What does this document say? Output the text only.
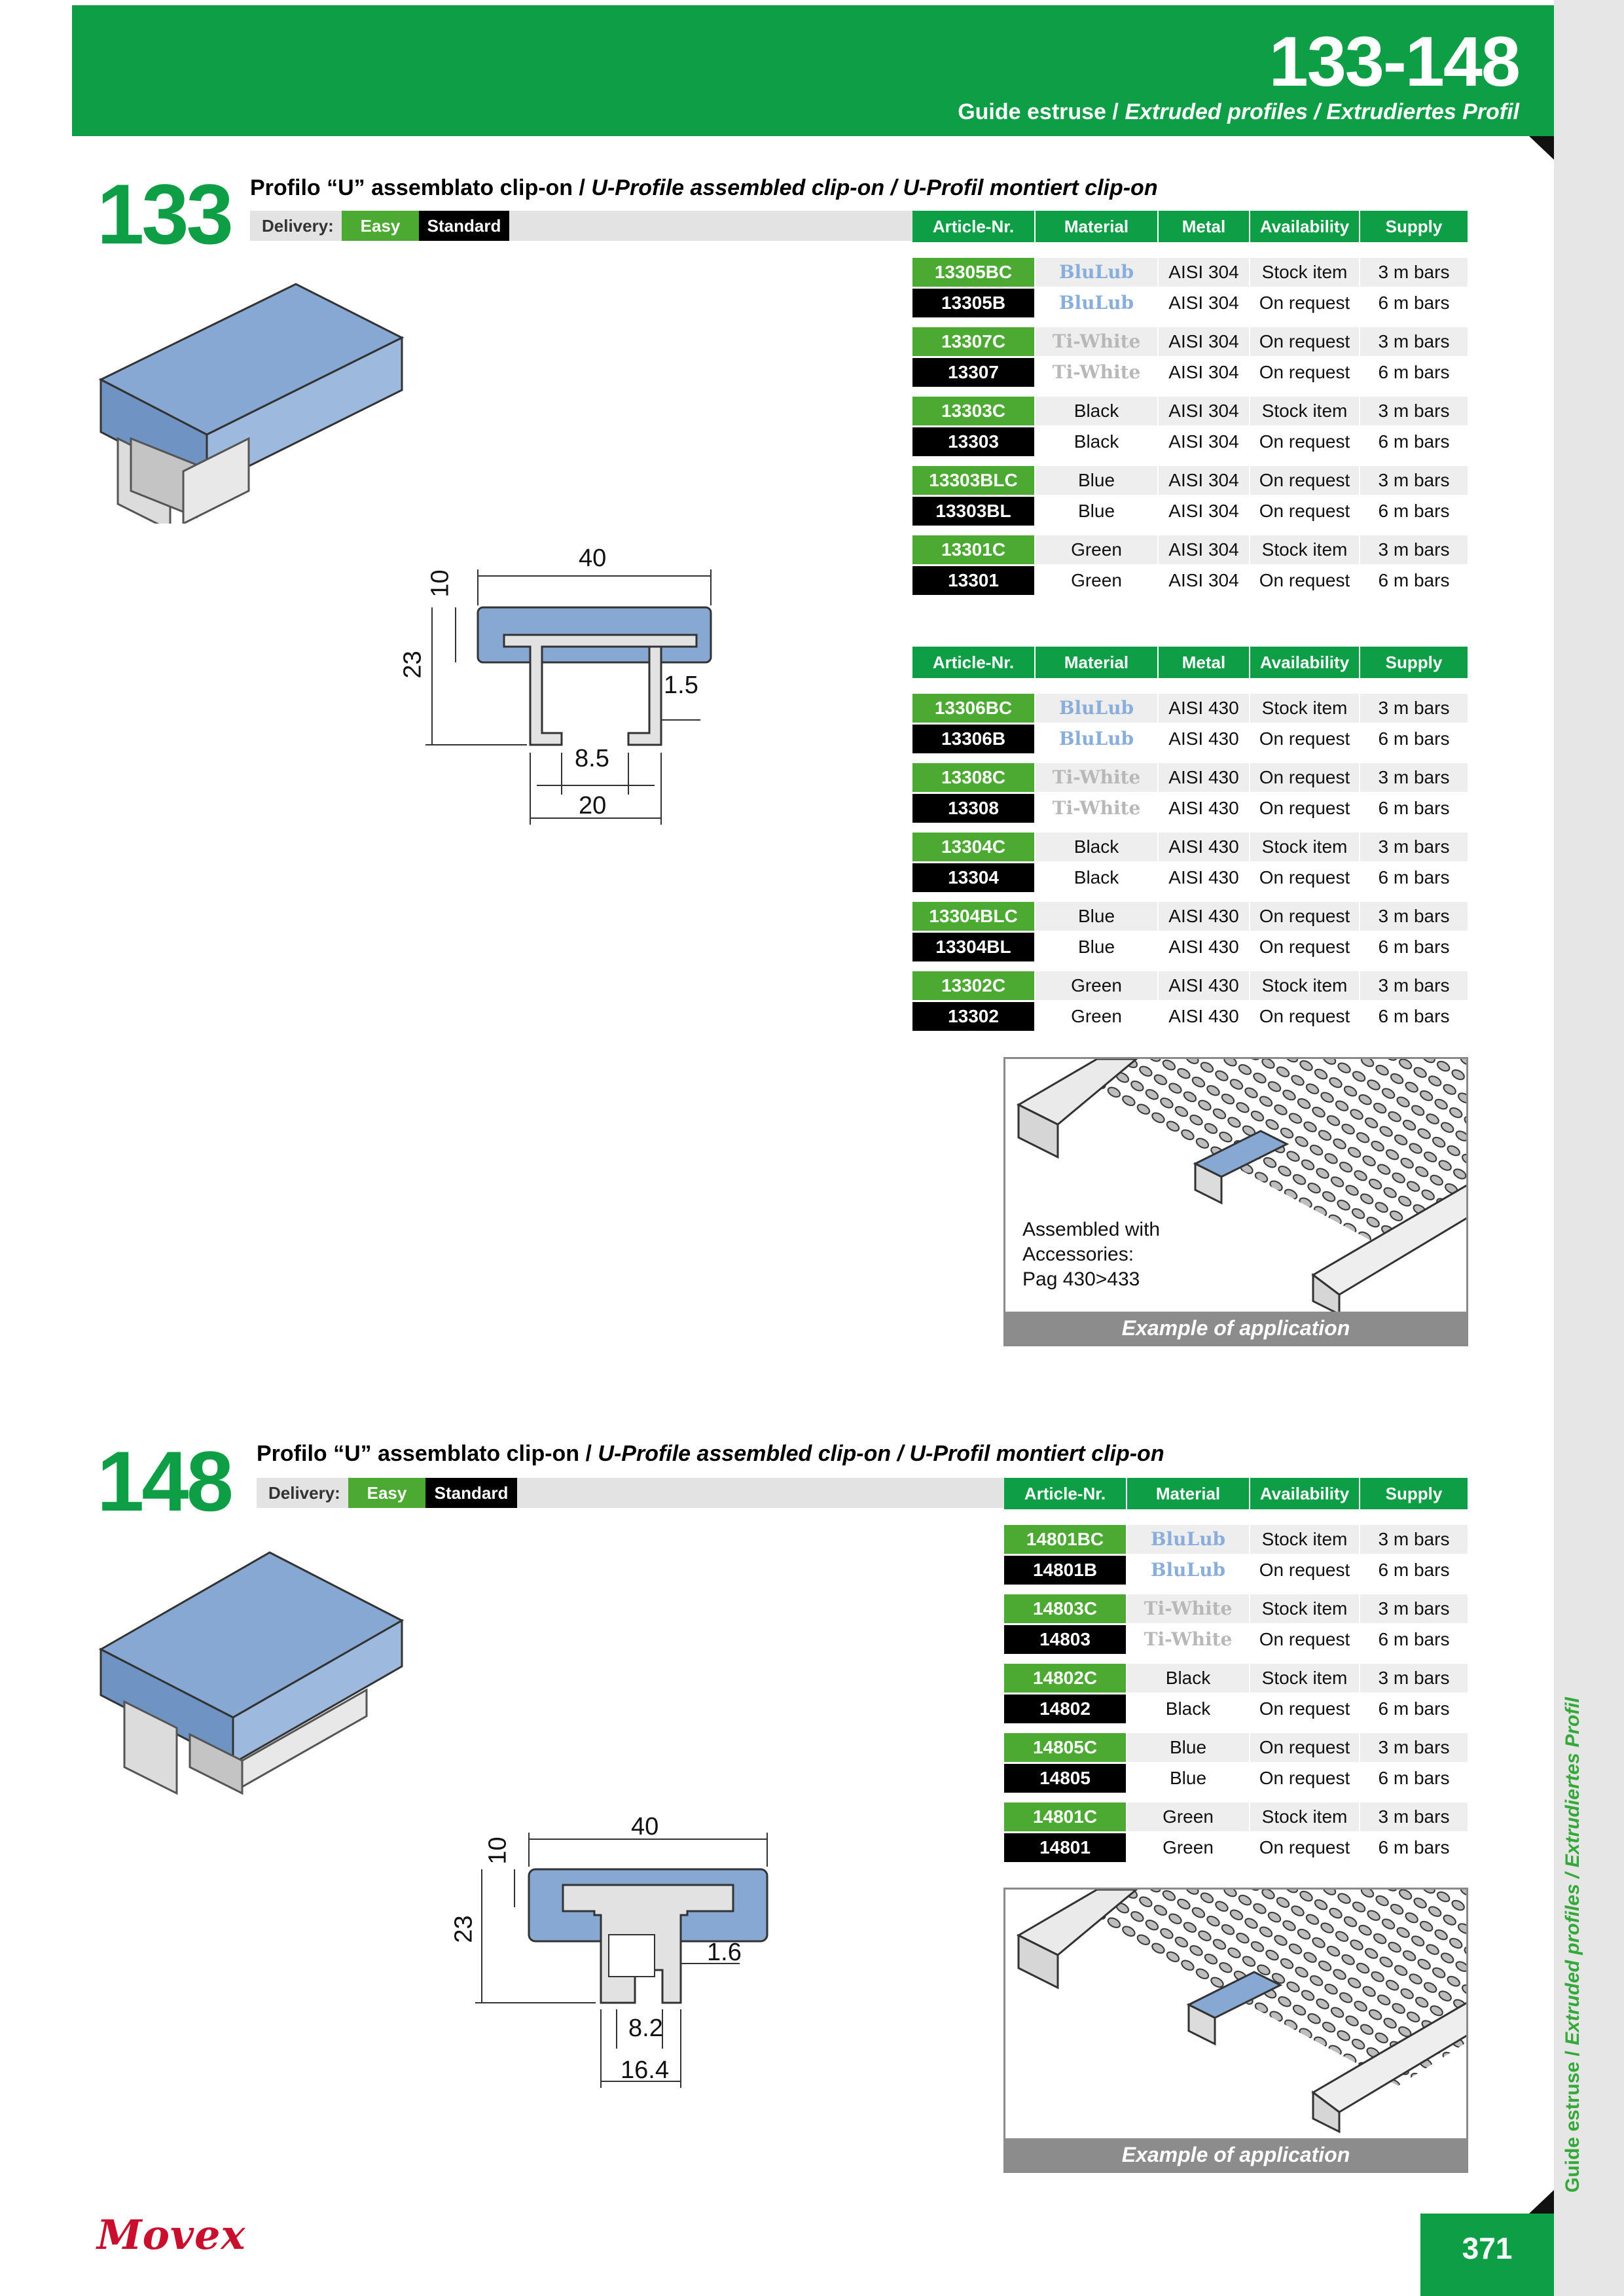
Guide estruse / Extruded profiles / Extrudiertes Profil
133-148
Guide estruse / Extruded profiles / Extrudiertes Profil
133 Profilo “U” assemblato clip-on / U-Profile assembled clip-on / U-Profil montiert clip-on
Delivery:	Easy	Standard	Article-Nr.	Material	Metal	Availability	Supply
13305BC	BluLub	AISI 304	Stock item	3 m bars
13305B	BluLub	AISI 304	On request	6 m bars
13307C	Ti-White	AISI 304	On request	3 m bars
13307	Ti-White	AISI 304	On request	6 m bars
13303C	Black	AISI 304	Stock item	3 m bars
13303	Black	AISI 304	On request	6 m bars
13303BLC	Blue	AISI 304	On request	3 m bars
13303BL	Blue	AISI 304	On request	6 m bars
13301C	Green	AISI 304	Stock item	3 m bars
13301	Green	AISI 304	On request	6 m bars
Article-Nr.	Material	Metal	Availability	Supply
13306BC	BluLub	AISI 430	Stock item	3 m bars
13306B	BluLub	AISI 430	On request	6 m bars
13308C	Ti-White	AISI 430	On request	3 m bars
13308	Ti-White	AISI 430	On request	6 m bars
13304C	Black	AISI 430	Stock item	3 m bars
13304	Black	AISI 430	On request	6 m bars
13304BLC	Blue	AISI 430	On request	3 m bars
13304BL	Blue	AISI 430	On request	6 m bars
13302C	Green	AISI 430	Stock item	3 m bars
13302	Green	AISI 430	On request	6 m bars
40
10
23
1.5
8.5
20
Assembled with
Accessories:
Pag 430>433
Example of application
148 Profilo “U” assemblato clip-on / U-Profile assembled clip-on / U-Profil montiert clip-on
Delivery:	Easy	Standard	Article-Nr.	Material	Availability	Supply
14801BC	BluLub	Stock item	3 m bars
14801B	BluLub	On request	6 m bars
14803C	Ti-White	Stock item	3 m bars
14803	Ti-White	On request	6 m bars
14802C	Black	Stock item	3 m bars
14802	Black	On request	6 m bars
14805C	Blue	On request	3 m bars
14805	Blue	On request	6 m bars
14801C	Green	Stock item	3 m bars
14801	Green	On request	6 m bars
40
10
23
1.6
8.2
16.4
Example of application
Movex	371
